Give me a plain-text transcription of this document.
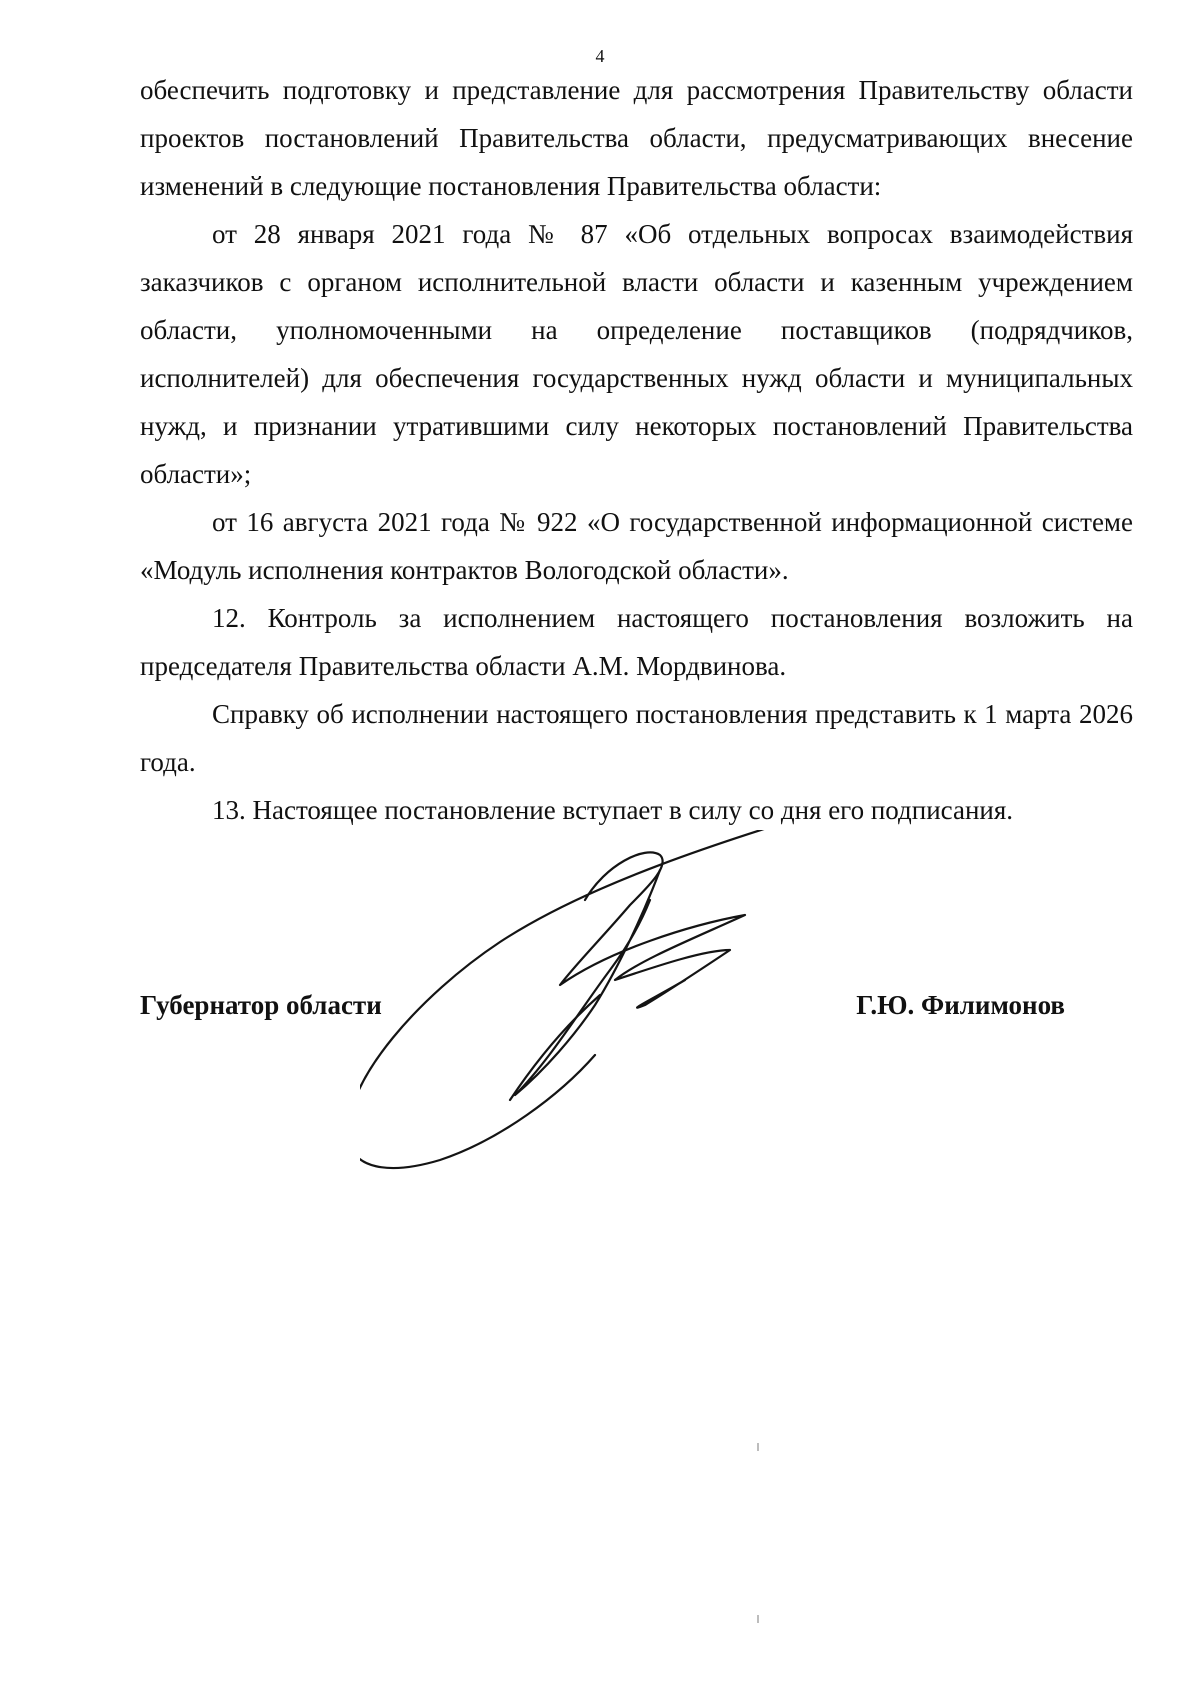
4

обеспечить подготовку и представление для рассмотрения Правительству области проектов постановлений Правительства области, предусматривающих внесение изменений в следующие постановления Правительства области:

от 28 января 2021 года № 87 «Об отдельных вопросах взаимодействия заказчиков с органом исполнительной власти области и казенным учреждением области, уполномоченными на определение поставщиков (подрядчиков, исполнителей) для обеспечения государственных нужд области и муниципальных нужд, и признании утратившими силу некоторых постановлений Правительства области»;

от 16 августа 2021 года № 922 «О государственной информационной системе «Модуль исполнения контрактов Вологодской области».

12. Контроль за исполнением настоящего постановления возложить на председателя Правительства области А.М. Мордвинова.

Справку об исполнении настоящего постановления представить к 1 марта 2026 года.

13. Настоящее постановление вступает в силу со дня его подписания.

Губернатор области	Г.Ю. Филимонов
